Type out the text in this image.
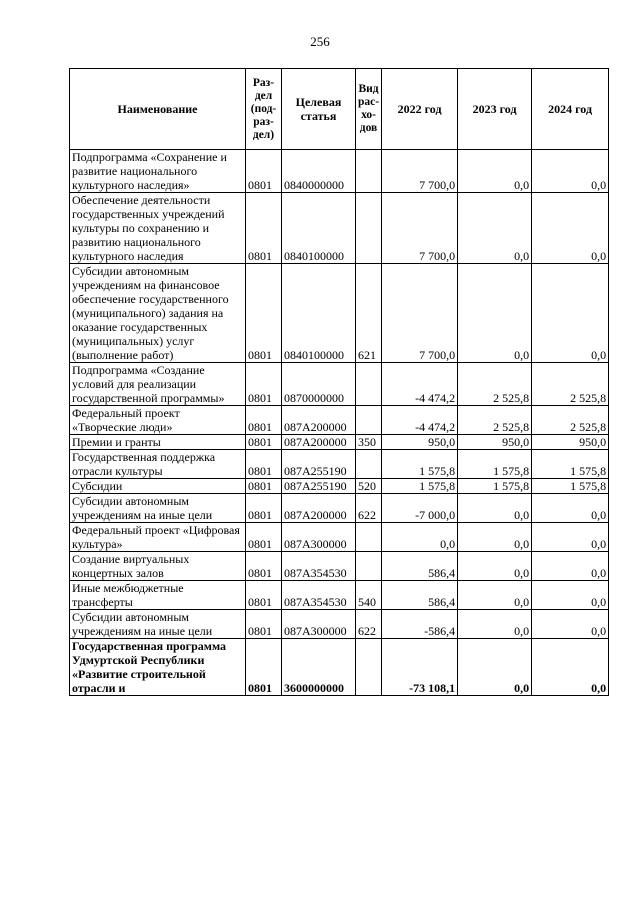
256
Наименование	Раз-дел (под-раз-дел)	Целевая статья	Вид рас-хо-дов	2022 год	2023 год	2024 год
Подпрограмма «Сохранение и развитие национального культурного наследия»	0801	0840000000		7 700,0	0,0	0,0
Обеспечение деятельности государственных учреждений культуры по сохранению и развитию национального культурного наследия	0801	0840100000		7 700,0	0,0	0,0
Субсидии автономным учреждениям на финансовое обеспечение государственного (муниципального) задания на оказание государственных (муниципальных) услуг (выполнение работ)	0801	0840100000	621	7 700,0	0,0	0,0
Подпрограмма «Создание условий для реализации государственной программы»	0801	0870000000		-4 474,2	2 525,8	2 525,8
Федеральный проект «Творческие люди»	0801	087А200000		-4 474,2	2 525,8	2 525,8
Премии и гранты	0801	087А200000	350	950,0	950,0	950,0
Государственная поддержка отрасли культуры	0801	087А255190		1 575,8	1 575,8	1 575,8
Субсидии	0801	087А255190	520	1 575,8	1 575,8	1 575,8
Субсидии автономным учреждениям на иные цели	0801	087А200000	622	-7 000,0	0,0	0,0
Федеральный проект «Цифровая культура»	0801	087А300000		0,0	0,0	0,0
Создание виртуальных концертных залов	0801	087А354530		586,4	0,0	0,0
Иные межбюджетные трансферты	0801	087А354530	540	586,4	0,0	0,0
Субсидии автономным учреждениям на иные цели	0801	087А300000	622	-586,4	0,0	0,0
Государственная программа Удмуртской Республики «Развитие строительной отрасли и	0801	3600000000		-73 108,1	0,0	0,0
